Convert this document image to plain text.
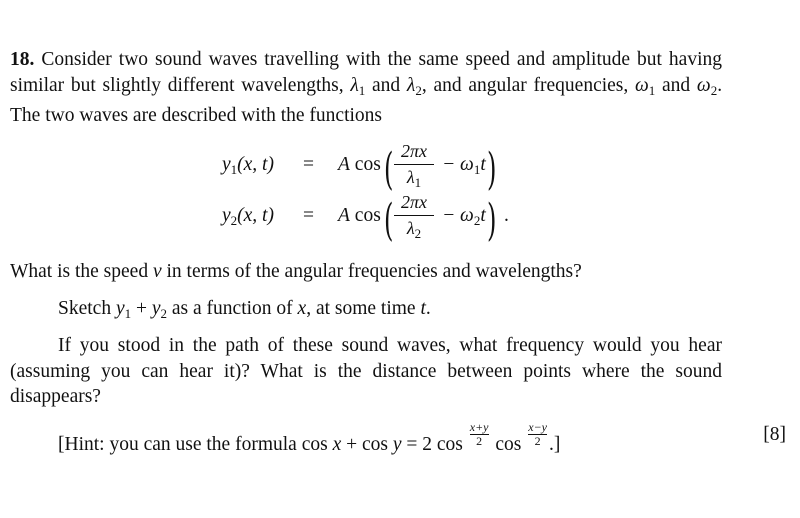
18. Consider two sound waves travelling with the same speed and amplitude but having similar but slightly different wavelengths, $\lambda_1$ and $\lambda_2$, and angular frequencies, $\omega_1$ and $\omega_2$. The two waves are described with the functions

$y_1(x$, t) = A cos ( 2πx
$\lambda_1$
− $\omega_1t$ )
$y_2(x$, t) = A cos ( 2πx
$\lambda_2$
− $\omega_2t$ ) .

What is the speed v in terms of the angular frequencies and wavelengths?

Sketch $y_1 + y_2$ as a function of x, at some time t.

If you stood in the path of these sound waves, what frequency would you hear (assuming you can hear it)? What is the distance between points where the sound disappears?

[Hint: you can use the formula cos x + cos y = 2 $\cos \frac{x+y}{2}$ $\cos \frac{x-y}{2}$ .]	[8]
